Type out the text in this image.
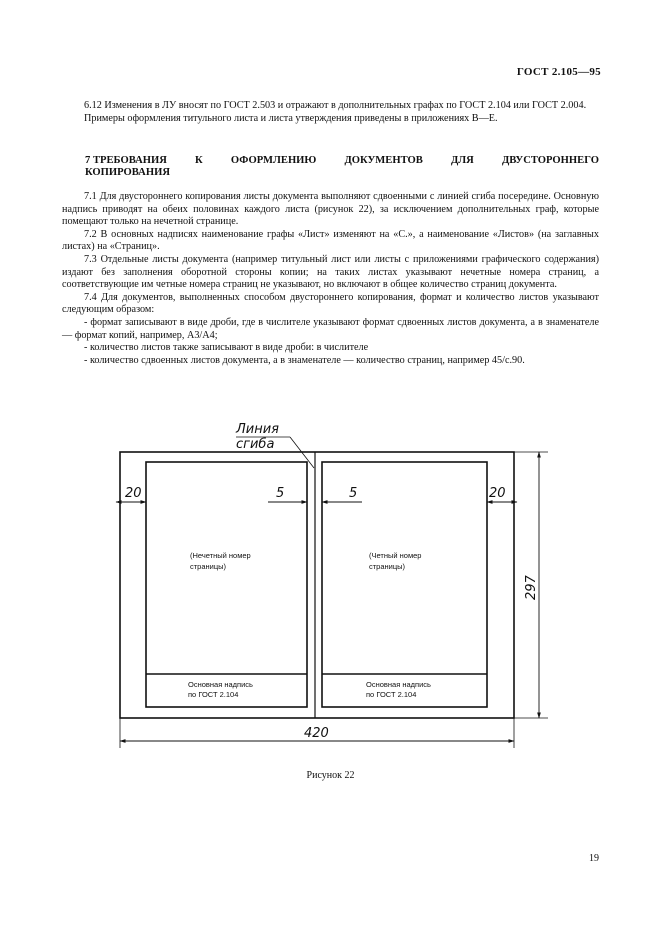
ГОСТ 2.105—95

6.12 Изменения в ЛУ вносят по ГОСТ 2.503 и отражают в дополнительных графах по ГОСТ 2.104 или ГОСТ 2.004.

Примеры оформления титульного листа и листа утверждения приведены в приложениях В—Е.

7 ТРЕБОВАНИЯ	К	ОФОРМЛЕНИЮ	ДОКУМЕНТОВ	ДЛЯ	ДВУСТОРОННЕГО
КОПИРОВАНИЯ

7.1 Для двустороннего копирования листы документа выполняют сдвоенными с линией сгиба посередине. Основную надпись приводят на обеих половинах каждого листа (рисунок 22), за исключением дополнительных граф, которые помещают только на нечетной странице.

7.2 В основных надписях наименование графы «Лист» изменяют на «С.», а наименование «Листов» (на заглавных листах) на «Страниц».

7.3 Отдельные листы документа (например титульный лист или листы с приложениями графического содержания) издают без заполнения оборотной стороны копии; на таких листах указывают нечетные номера страниц, а соответствующие им четные номера страниц не указывают, но включают в общее количество страниц документа.

7.4 Для документов, выполненных способом двустороннего копирования, формат и количество листов указывают следующим образом:

- формат записывают в виде дроби, где в числителе указывают формат сдвоенных листов документа, а в знаменателе — формат копий, например, А3/А4;

- количество листов также записывают в виде дроби: в числителе

- количество сдвоенных листов документа, а в знаменателе — количество страниц, например 45/с.90.

Линия
сгиба
20	5	5	20
297
420
(Нечетный номер
страницы)
(Четный номер
страницы)
Основная надпись
по ГОСТ 2.104
Основная надпись
по ГОСТ 2.104
Рисунок 22
19
